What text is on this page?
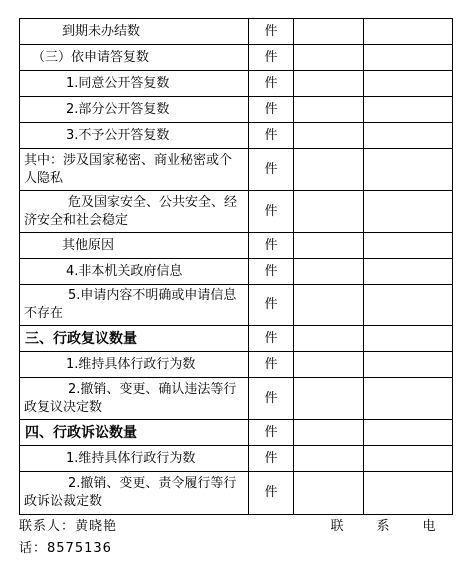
到期未办结数	件		

（三）依申请答复数	件		

1.同意公开答复数	件		

2.部分公开答复数	件		

3.不予公开答复数	件		

其中：涉及国家秘密、商业秘密或个人隐私	件		

危及国家安全、公共安全、经济安全和社会稳定	件		

其他原因	件		

4.非本机关政府信息	件		

5.申请内容不明确或申请信息不存在	件		

三、行政复议数量	件		

1.维持具体行政行为数	件		

2.撤销、变更、确认违法等行政复议决定数	件		

四、行政诉讼数量	件		

1.维持具体行政行为数	件		

2.撤销、变更、责令履行等行政诉讼裁定数	件		
联系人：黄晓艳	联	系	电
话：8575136
